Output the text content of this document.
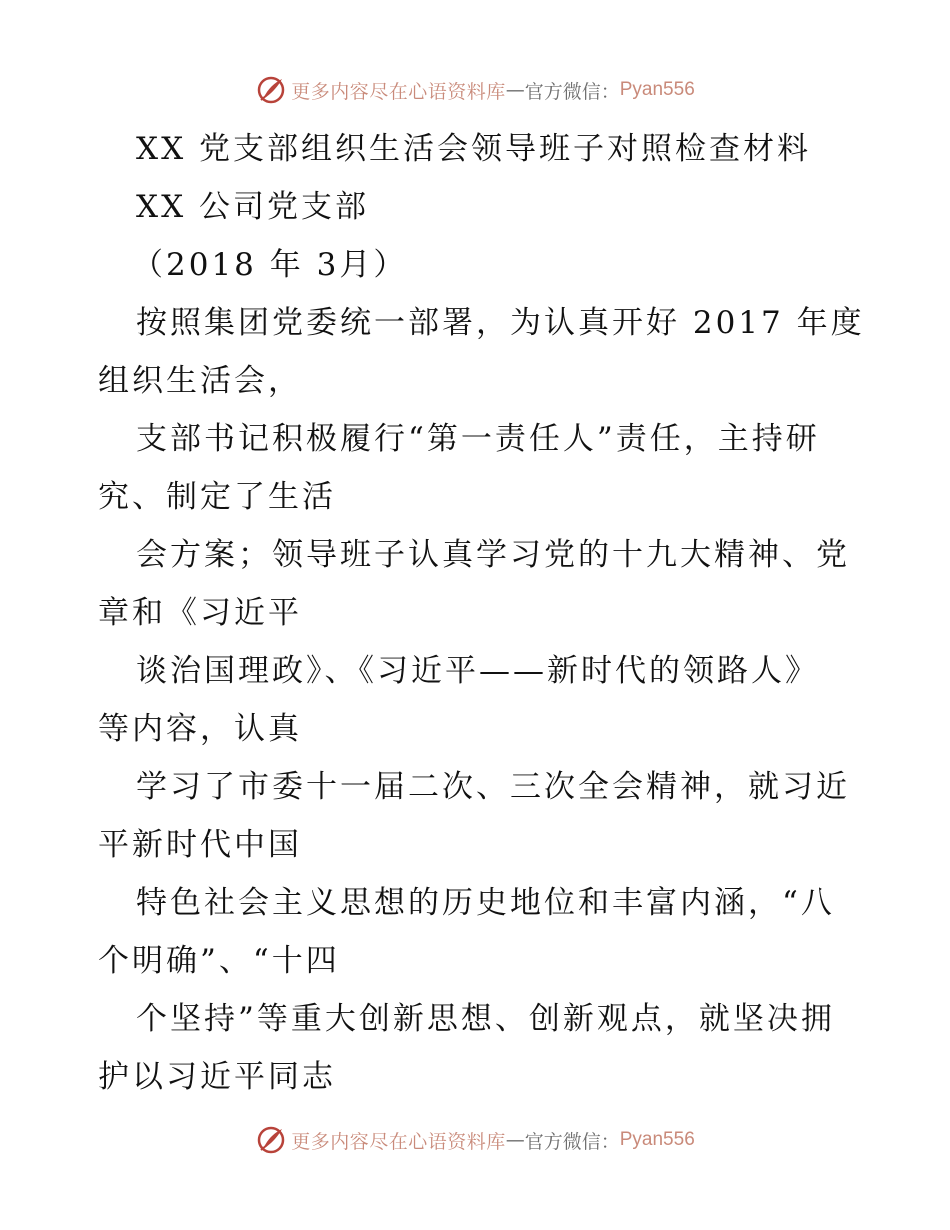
更多内容尽在心语资料库 — 官方微信： Pyan556
XX 党支部组织生活会领导班子对照检查材料
XX 公司党支部
（2018 年 3月）
按照集团党委统一部署，为认真开好 2017 年度
组织生活会，
支部书记积极履行“第一责任人”责任，主持研
究、制定了生活
会方案；领导班子认真学习党的十九大精神、党
章和《习近平
谈治国理政》、《习近平——新时代的领路人》
等内容，认真
学习了市委十一届二次、三次全会精神，就习近
平新时代中国
特色社会主义思想的历史地位和丰富内涵，“八
个明确”、“十四
个坚持”等重大创新思想、创新观点，就坚决拥
护以习近平同志
更多内容尽在心语资料库 — 官方微信： Pyan556
